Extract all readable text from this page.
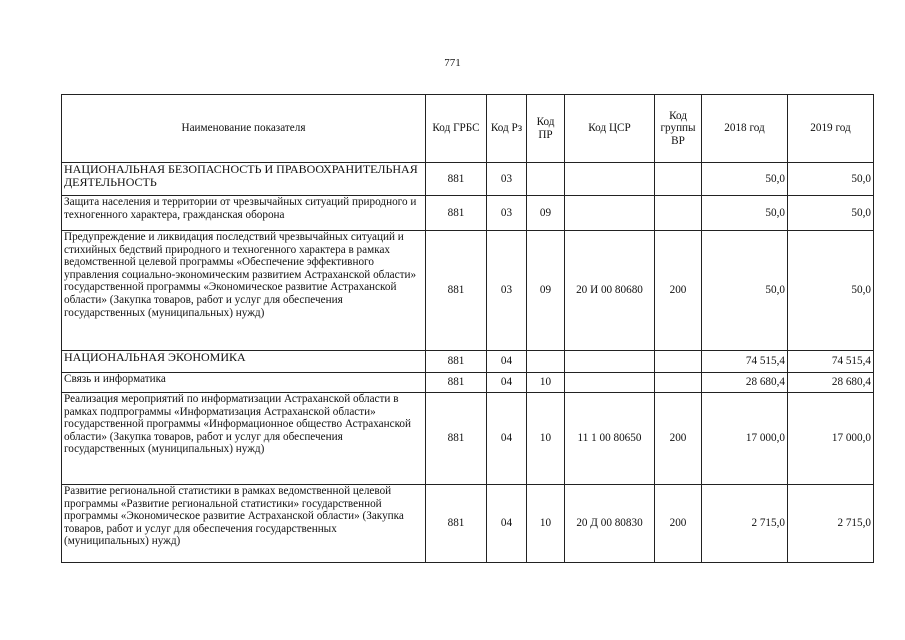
771
Наименование показателя	Код ГРБС	Код Рз	Код ПР	Код ЦСР	Код группы ВР	2018 год	2019 год	
НАЦИОНАЛЬНАЯ БЕЗОПАСНОСТЬ И ПРАВООХРАНИТЕЛЬНАЯ ДЕЯТЕЛЬНОСТЬ	881	03				50,0	50,0	
Защита населения и территории от чрезвычайных ситуаций природного и техногенного характера, гражданская оборона	881	03	09			50,0	50,0	
Предупреждение и ликвидация последствий чрезвычайных ситуаций и стихийных бедствий природного и техногенного характера в рамках ведомственной целевой программы «Обеспечение эффективного управления социально-экономическим развитием Астраханской области» государственной программы «Экономическое развитие Астраханской области» (Закупка товаров, работ и услуг для обеспечения государственных (муниципальных) нужд)	881	03	09	20 И 00 80680	200	50,0	50,0	
НАЦИОНАЛЬНАЯ ЭКОНОМИКА	881	04				74 515,4	74 515,4	
Связь и информатика	881	04	10			28 680,4	28 680,4	
Реализация мероприятий по информатизации Астраханской области в рамках подпрограммы «Информатизация Астраханской области» государственной программы «Информационное общество Астраханской области» (Закупка товаров, работ и услуг для обеспечения государственных (муниципальных) нужд)	881	04	10	11 1 00 80650	200	17 000,0	17 000,0	
Развитие региональной статистики в рамках ведомственной целевой программы «Развитие региональной статистики» государственной программы «Экономическое развитие Астраханской области» (Закупка товаров, работ и услуг для обеспечения государственных (муниципальных) нужд)	881	04	10	20 Д 00 80830	200	2 715,0	2 715,0	
